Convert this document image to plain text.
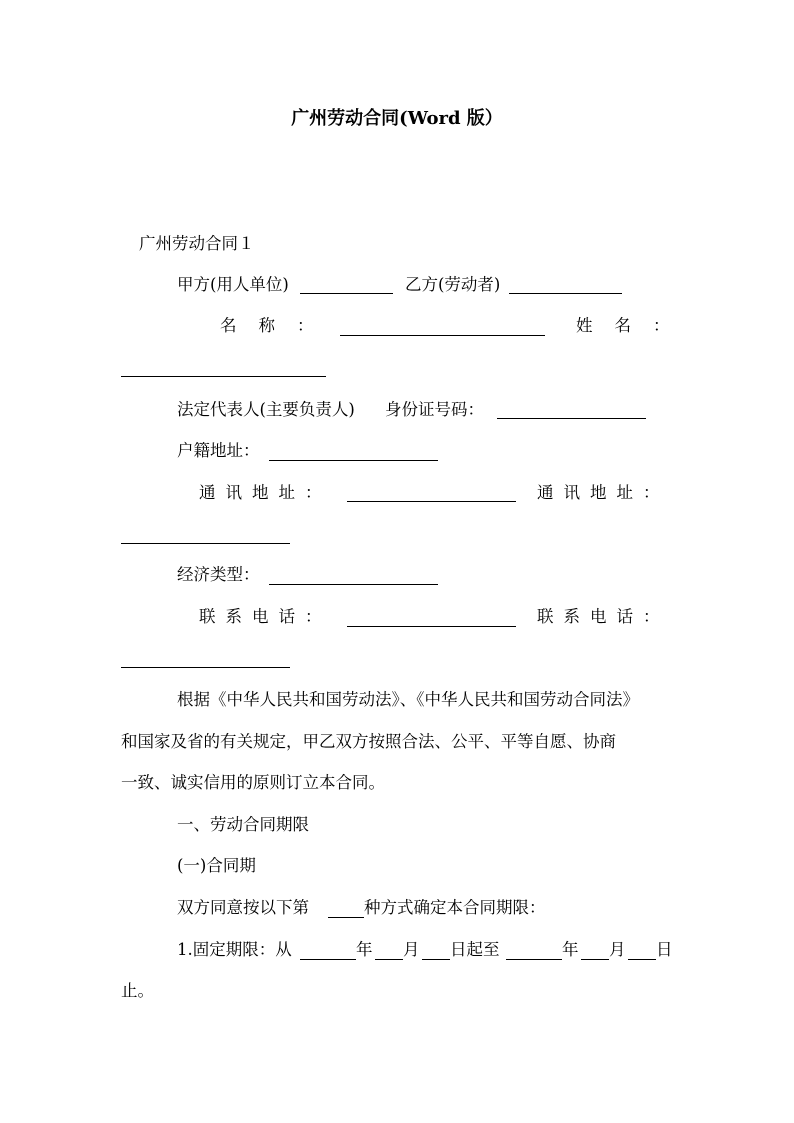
广州劳动合同(Word 版）
广州劳动合同１
甲方(用人单位)	乙方(劳动者)
名称：	姓名：
法定代表人(主要负责人) 身份证号码：
户籍地址：
通讯地址：	通讯地址：
经济类型：
联系电话：	联系电话：
根据《中华人民共和国劳动法》、《中华人民共和国劳动合同法》
和国家及省的有关规定，甲乙双方按照合法、公平、平等自愿、协商
一致、诚实信用的原则订立本合同。
一、劳动合同期限
(一)合同期
双方同意按以下第	种方式确定本合同期限：
1.固定期限：从	年 月 日起至	年 月 日
止。
